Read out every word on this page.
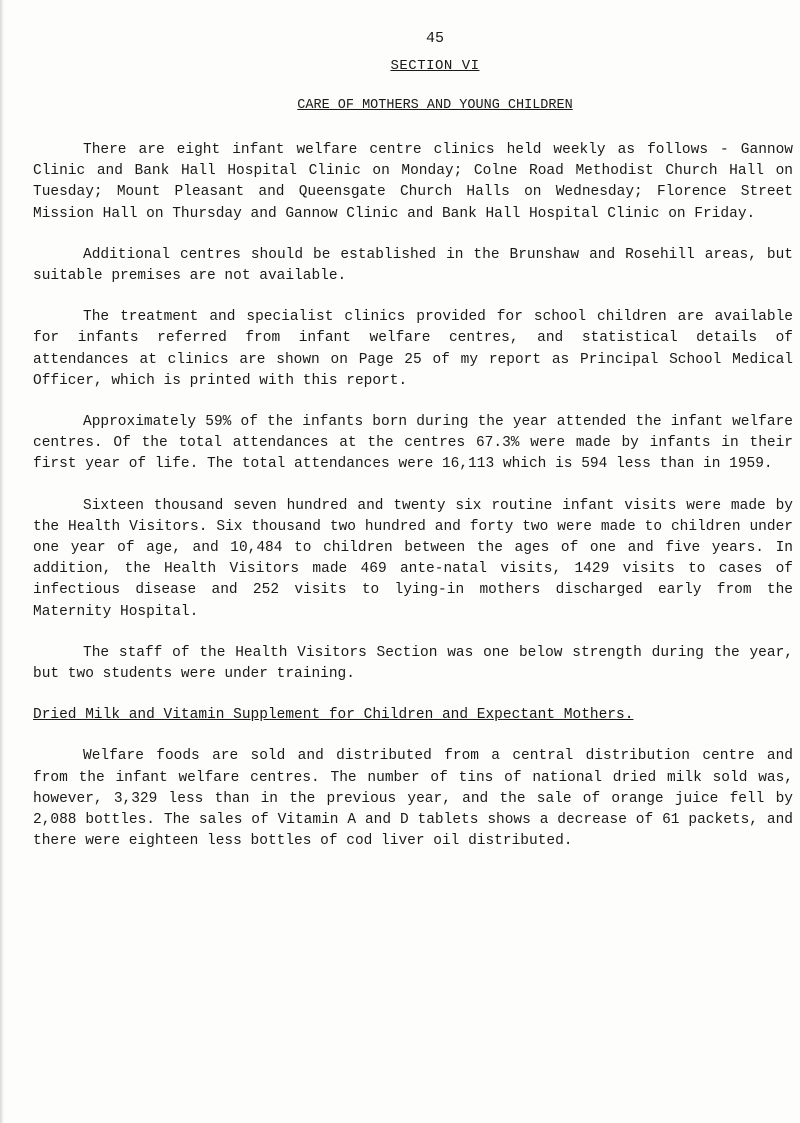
45
SECTION VI
CARE OF MOTHERS AND YOUNG CHILDREN

There are eight infant welfare centre clinics held weekly as follows - Gannow Clinic and Bank Hall Hospital Clinic on Monday; Colne Road Methodist Church Hall on Tuesday; Mount Pleasant and Queensgate Church Halls on Wednesday; Florence Street Mission Hall on Thursday and Gannow Clinic and Bank Hall Hospital Clinic on Friday.

Additional centres should be established in the Brunshaw and Rosehill areas, but suitable premises are not available.

The treatment and specialist clinics provided for school children are available for infants referred from infant welfare centres, and statistical details of attendances at clinics are shown on Page 25 of my report as Principal School Medical Officer, which is printed with this report.

Approximately 59% of the infants born during the year attended the infant welfare centres. Of the total attendances at the centres 67.3% were made by infants in their first year of life. The total attendances were 16,113 which is 594 less than in 1959.

Sixteen thousand seven hundred and twenty six routine infant visits were made by the Health Visitors. Six thousand two hundred and forty two were made to children under one year of age, and 10,484 to children between the ages of one and five years. In addition, the Health Visitors made 469 ante-natal visits, 1429 visits to cases of infectious disease and 252 visits to lying-in mothers discharged early from the Maternity Hospital.

The staff of the Health Visitors Section was one below strength during the year, but two students were under training.

Dried Milk and Vitamin Supplement for Children and Expectant Mothers.

Welfare foods are sold and distributed from a central distribution centre and from the infant welfare centres. The number of tins of national dried milk sold was, however, 3,329 less than in the previous year, and the sale of orange juice fell by 2,088 bottles. The sales of Vitamin A and D tablets shows a decrease of 61 packets, and there were eighteen less bottles of cod liver oil distributed.
